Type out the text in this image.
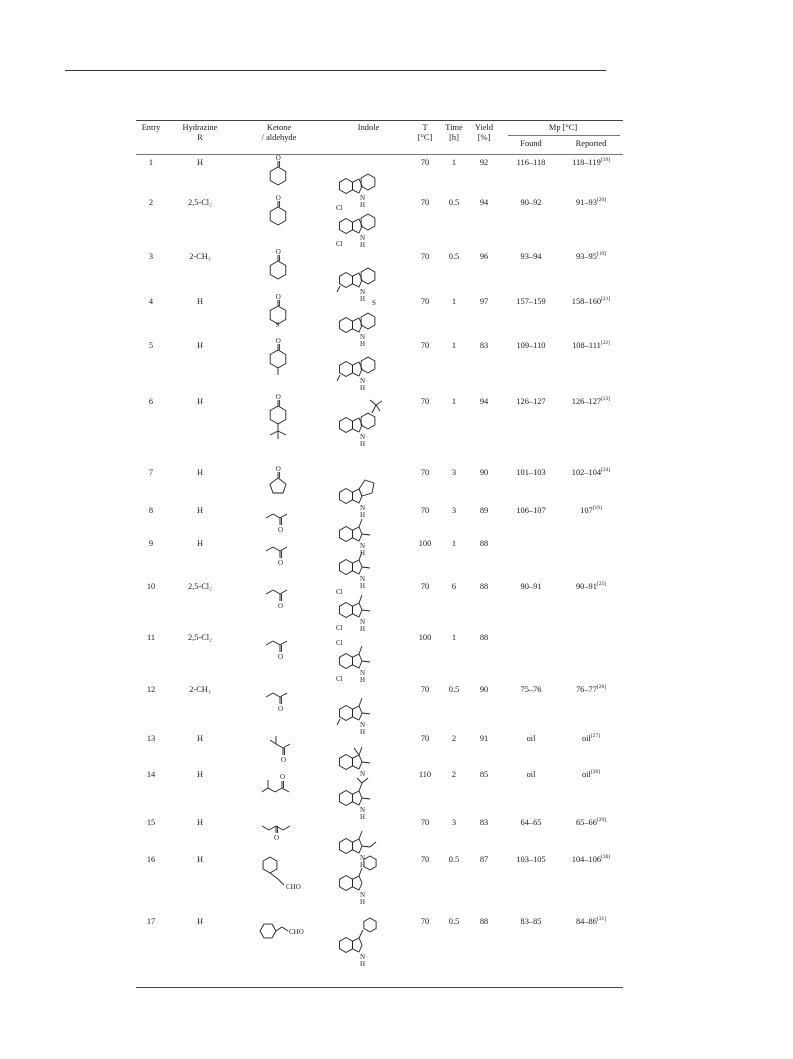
Entry	Hydrazine
R
Ketone
/ aldehyde
Indole	T
[°C]
Time
[h]
Yield
[%]
Mp [°C]
Found	Reported
1	H	70	1	92	116–118	118–119[19]
O
N
H
2	2,5-Cl₂	70	0.5	94	90–92	91–93[20]
O
N
H
Cl
Cl
3	2-CH₃	70	0.5	96	93–94	93–95[19]
O
N
H
4	H	70	1	97	157–159	158–160[21]
O
S
N
H
S
5	H	70	1	83	109–110	108–111[22]
O
N
H
6	H	70	1	94	126–127	126–127[23]
O
N
H
7	H	70	3	90	101–103	102–104[24]
O
N
H
8	H	70	3	89	106–107	107[19]
O
N
H
9	H	100	1	88
O
N
H
10	2,5-Cl₂	70	6	88	90–91	90–91[25]
O
N
H
Cl
Cl
11	2,5-Cl₂	100	1	88
O
N
H
Cl
Cl
12	2-CH₃	70	0.5	90	75–76	76–77[26]
O
N
H
13	H	70	2	91	oil	oil[27]
O
N
14	H	110	2	85	oil	oil[28]
O
N
H
15	H	70	3	83	64–65	65–66[29]
O
N
H
16	H	70	0.5	87	103–105	104–106[30]
CHO
N
H
17	H	70	0.5	88	83–85	84–86[31]
CHO
N
H
